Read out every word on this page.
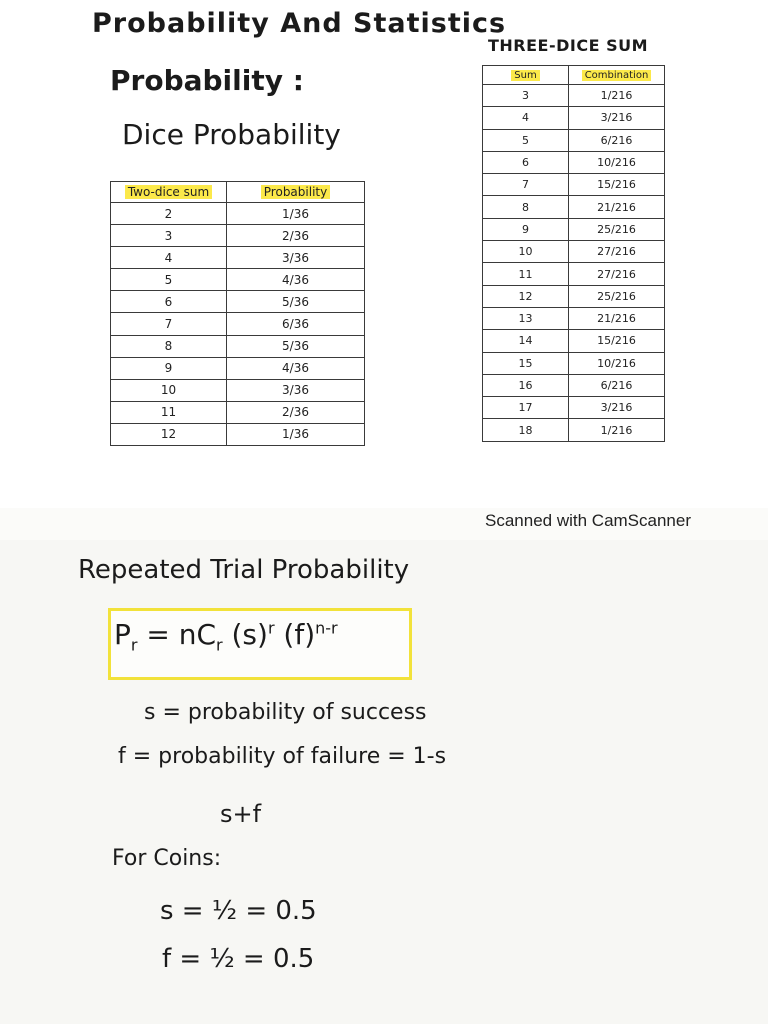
Probability And Statistics
Probability :
Dice Probability
Two-dice sum	Probability
2	1/36
3	2/36
4	3/36
5	4/36
6	5/36
7	6/36
8	5/36
9	4/36
10	3/36
11	2/36
12	1/36
THREE-DICE SUM
Sum	Combination
3	1/216
4	3/216
5	6/216
6	10/216
7	15/216
8	21/216
9	25/216
10	27/216
11	27/216
12	25/216
13	21/216
14	15/216
15	10/216
16	6/216
17	3/216
18	1/216
Scanned with CamScanner
Repeated Trial Probability
$P_r = nC_r$ $(s)^r$ $(f)^{n-r}$
s = probability of success
f = probability of failure = 1-s
s+f
For Coins:
s = ½ = 0.5
f = ½ = 0.5
